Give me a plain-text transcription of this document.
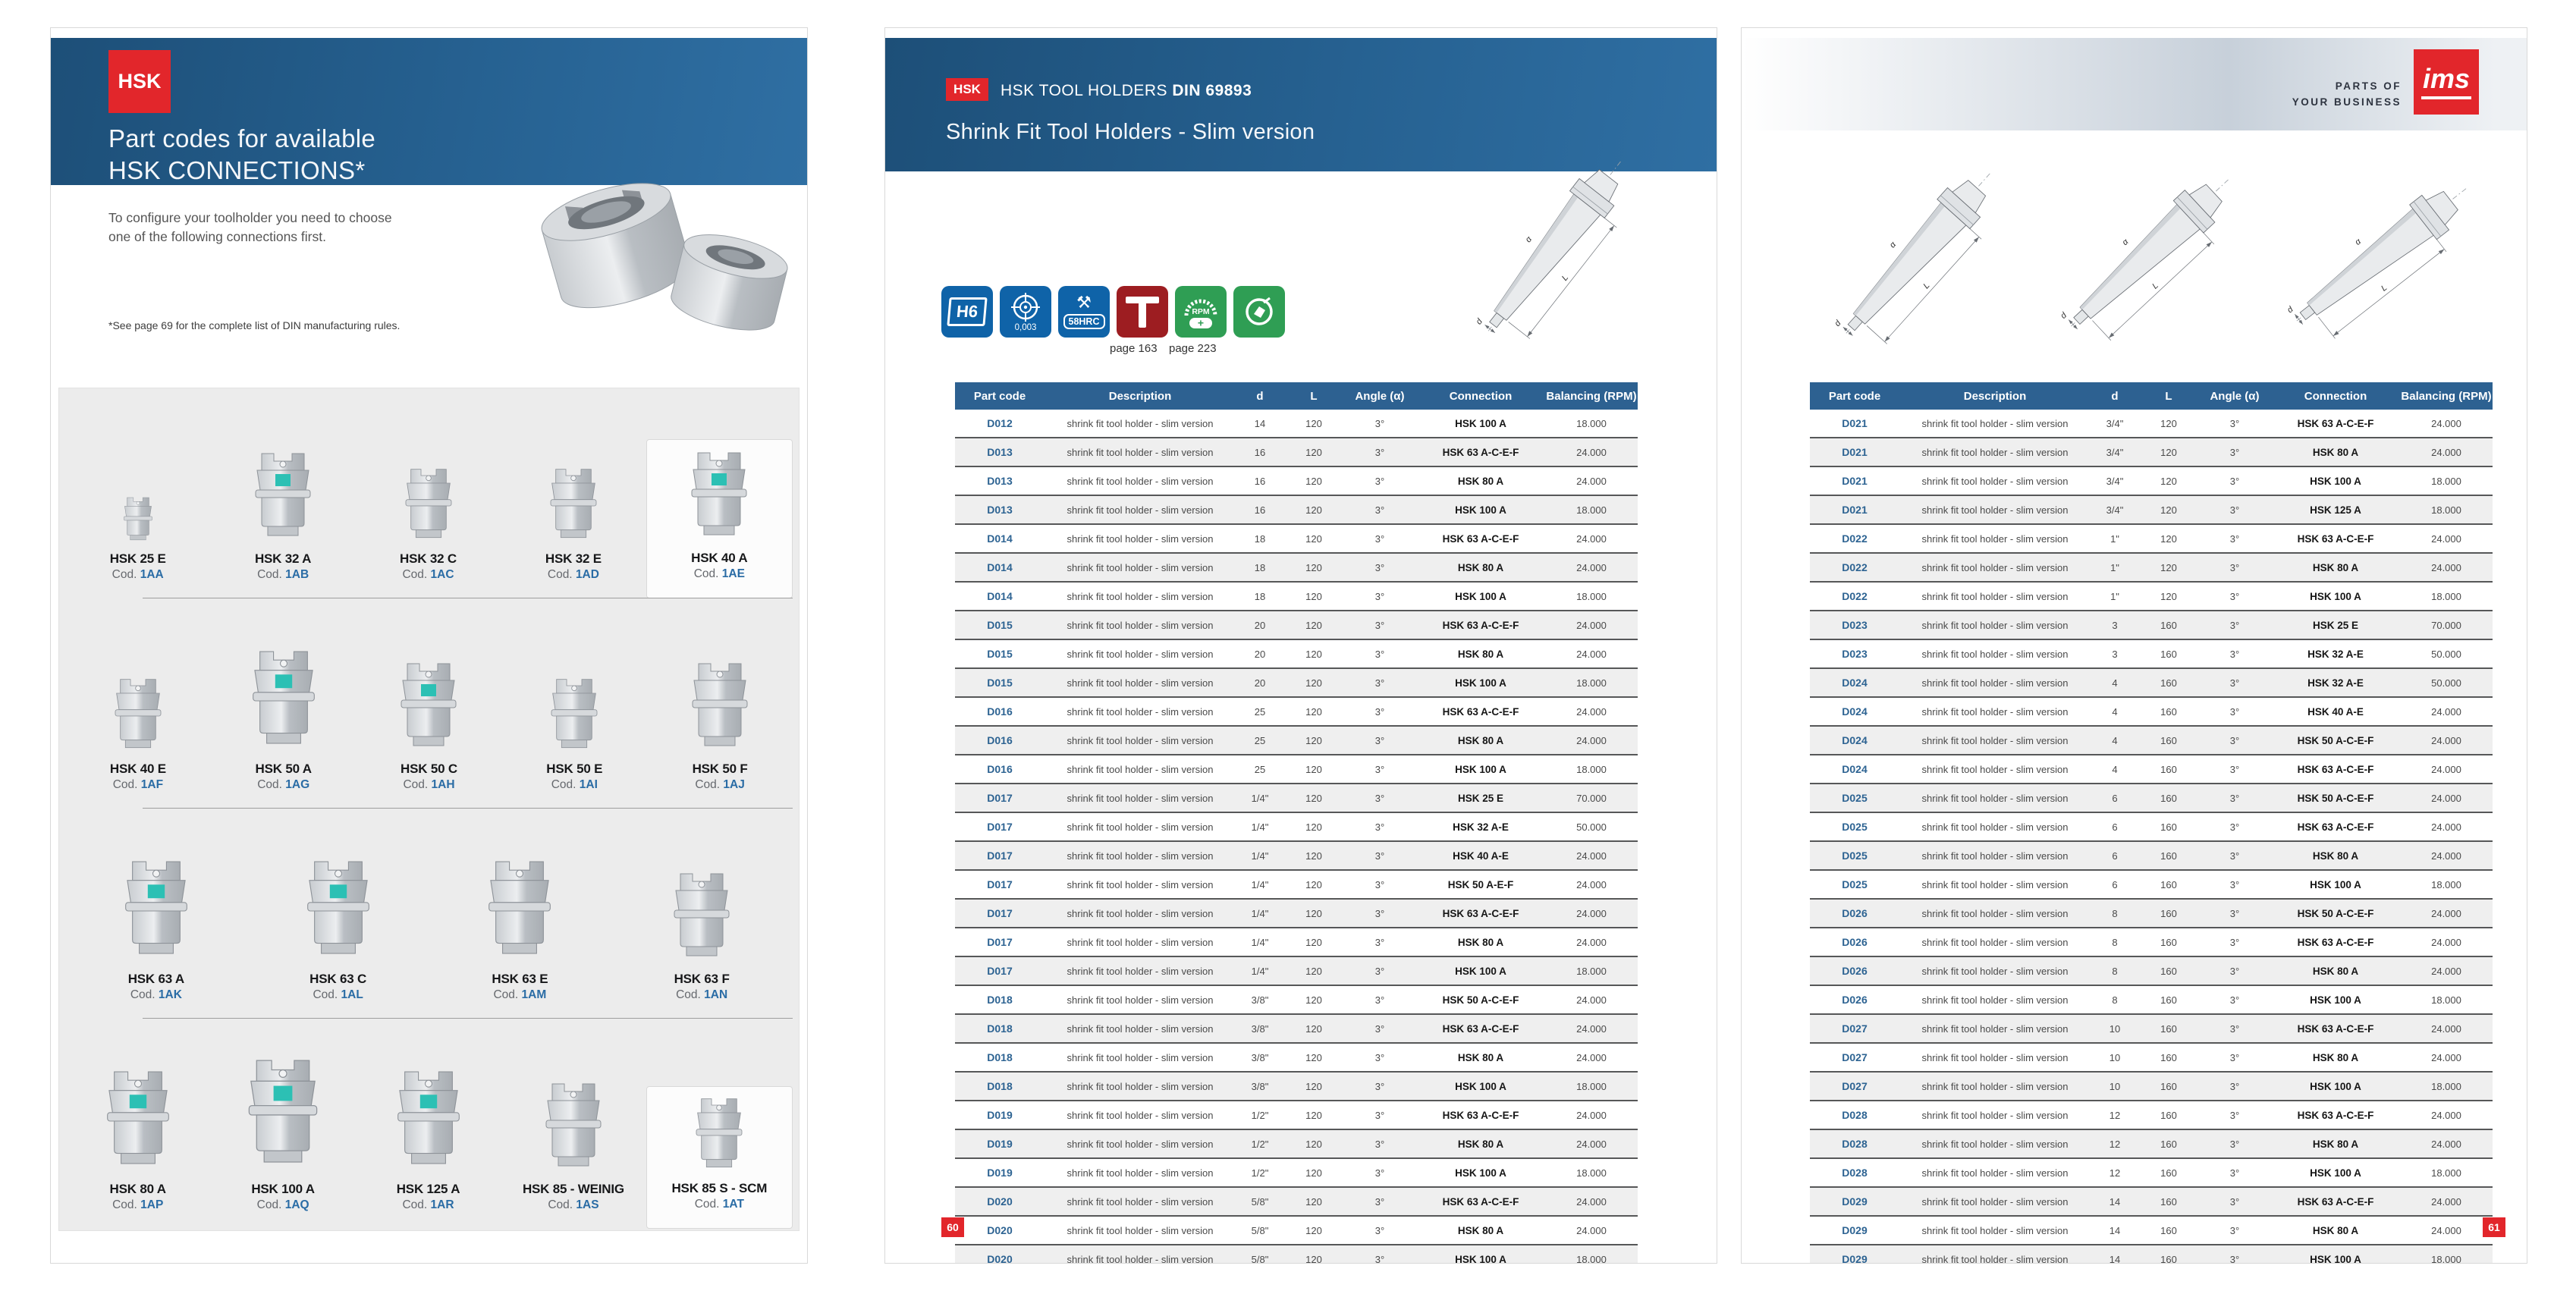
HSK
Part codes for available
HSK CONNECTIONS*
To configure your toolholder you need to choose
one of the following connections first.
*See page 69 for the complete list of DIN manufacturing rules.
HSK 25 E
Cod. 1AA
HSK 32 A
Cod. 1AB
HSK 32 C
Cod. 1AC
HSK 32 E
Cod. 1AD
HSK 40 A
Cod. 1AE
HSK 40 E
Cod. 1AF
HSK 50 A
Cod. 1AG
HSK 50 C
Cod. 1AH
HSK 50 E
Cod. 1AI
HSK 50 F
Cod. 1AJ
HSK 63 A
Cod. 1AK
HSK 63 C
Cod. 1AL
HSK 63 E
Cod. 1AM
HSK 63 F
Cod. 1AN
HSK 80 A
Cod. 1AP
HSK 100 A
Cod. 1AQ
HSK 125 A
Cod. 1AR
HSK 85 - WEINIG
Cod. 1AS
HSK 85 S - SCM
Cod. 1AT
HSK	HSK TOOL HOLDERS DIN 69893
Shrink Fit Tool Holders - Slim version
H6
0,003
⚒
58HRC
RPM
+
page 163 page 223
Part code	Description	d	L	Angle (α)	Connection	Balancing (RPM)
D012	shrink fit tool holder - slim version	14	120	3°	HSK 100 A	18.000
D013	shrink fit tool holder - slim version	16	120	3°	HSK 63 A-C-E-F	24.000
D013	shrink fit tool holder - slim version	16	120	3°	HSK 80 A	24.000
D013	shrink fit tool holder - slim version	16	120	3°	HSK 100 A	18.000
D014	shrink fit tool holder - slim version	18	120	3°	HSK 63 A-C-E-F	24.000
D014	shrink fit tool holder - slim version	18	120	3°	HSK 80 A	24.000
D014	shrink fit tool holder - slim version	18	120	3°	HSK 100 A	18.000
D015	shrink fit tool holder - slim version	20	120	3°	HSK 63 A-C-E-F	24.000
D015	shrink fit tool holder - slim version	20	120	3°	HSK 80 A	24.000
D015	shrink fit tool holder - slim version	20	120	3°	HSK 100 A	18.000
D016	shrink fit tool holder - slim version	25	120	3°	HSK 63 A-C-E-F	24.000
D016	shrink fit tool holder - slim version	25	120	3°	HSK 80 A	24.000
D016	shrink fit tool holder - slim version	25	120	3°	HSK 100 A	18.000
D017	shrink fit tool holder - slim version	1/4"	120	3°	HSK 25 E	70.000
D017	shrink fit tool holder - slim version	1/4"	120	3°	HSK 32 A-E	50.000
D017	shrink fit tool holder - slim version	1/4"	120	3°	HSK 40 A-E	24.000
D017	shrink fit tool holder - slim version	1/4"	120	3°	HSK 50 A-E-F	24.000
D017	shrink fit tool holder - slim version	1/4"	120	3°	HSK 63 A-C-E-F	24.000
D017	shrink fit tool holder - slim version	1/4"	120	3°	HSK 80 A	24.000
D017	shrink fit tool holder - slim version	1/4"	120	3°	HSK 100 A	18.000
D018	shrink fit tool holder - slim version	3/8"	120	3°	HSK 50 A-C-E-F	24.000
D018	shrink fit tool holder - slim version	3/8"	120	3°	HSK 63 A-C-E-F	24.000
D018	shrink fit tool holder - slim version	3/8"	120	3°	HSK 80 A	24.000
D018	shrink fit tool holder - slim version	3/8"	120	3°	HSK 100 A	18.000
D019	shrink fit tool holder - slim version	1/2"	120	3°	HSK 63 A-C-E-F	24.000
D019	shrink fit tool holder - slim version	1/2"	120	3°	HSK 80 A	24.000
D019	shrink fit tool holder - slim version	1/2"	120	3°	HSK 100 A	18.000
D020	shrink fit tool holder - slim version	5/8"	120	3°	HSK 63 A-C-E-F	24.000
D020	shrink fit tool holder - slim version	5/8"	120	3°	HSK 80 A	24.000
D020	shrink fit tool holder - slim version	5/8"	120	3°	HSK 100 A	18.000
60
PARTS OF
YOUR BUSINESS
ims
Part code	Description	d	L	Angle (α)	Connection	Balancing (RPM)
D021	shrink fit tool holder - slim version	3/4"	120	3°	HSK 63 A-C-E-F	24.000
D021	shrink fit tool holder - slim version	3/4"	120	3°	HSK 80 A	24.000
D021	shrink fit tool holder - slim version	3/4"	120	3°	HSK 100 A	18.000
D021	shrink fit tool holder - slim version	3/4"	120	3°	HSK 125 A	18.000
D022	shrink fit tool holder - slim version	1"	120	3°	HSK 63 A-C-E-F	24.000
D022	shrink fit tool holder - slim version	1"	120	3°	HSK 80 A	24.000
D022	shrink fit tool holder - slim version	1"	120	3°	HSK 100 A	18.000
D023	shrink fit tool holder - slim version	3	160	3°	HSK 25 E	70.000
D023	shrink fit tool holder - slim version	3	160	3°	HSK 32 A-E	50.000
D024	shrink fit tool holder - slim version	4	160	3°	HSK 32 A-E	50.000
D024	shrink fit tool holder - slim version	4	160	3°	HSK 40 A-E	24.000
D024	shrink fit tool holder - slim version	4	160	3°	HSK 50 A-C-E-F	24.000
D024	shrink fit tool holder - slim version	4	160	3°	HSK 63 A-C-E-F	24.000
D025	shrink fit tool holder - slim version	6	160	3°	HSK 50 A-C-E-F	24.000
D025	shrink fit tool holder - slim version	6	160	3°	HSK 63 A-C-E-F	24.000
D025	shrink fit tool holder - slim version	6	160	3°	HSK 80 A	24.000
D025	shrink fit tool holder - slim version	6	160	3°	HSK 100 A	18.000
D026	shrink fit tool holder - slim version	8	160	3°	HSK 50 A-C-E-F	24.000
D026	shrink fit tool holder - slim version	8	160	3°	HSK 63 A-C-E-F	24.000
D026	shrink fit tool holder - slim version	8	160	3°	HSK 80 A	24.000
D026	shrink fit tool holder - slim version	8	160	3°	HSK 100 A	18.000
D027	shrink fit tool holder - slim version	10	160	3°	HSK 63 A-C-E-F	24.000
D027	shrink fit tool holder - slim version	10	160	3°	HSK 80 A	24.000
D027	shrink fit tool holder - slim version	10	160	3°	HSK 100 A	18.000
D028	shrink fit tool holder - slim version	12	160	3°	HSK 63 A-C-E-F	24.000
D028	shrink fit tool holder - slim version	12	160	3°	HSK 80 A	24.000
D028	shrink fit tool holder - slim version	12	160	3°	HSK 100 A	18.000
D029	shrink fit tool holder - slim version	14	160	3°	HSK 63 A-C-E-F	24.000
D029	shrink fit tool holder - slim version	14	160	3°	HSK 80 A	24.000
D029	shrink fit tool holder - slim version	14	160	3°	HSK 100 A	18.000
61
